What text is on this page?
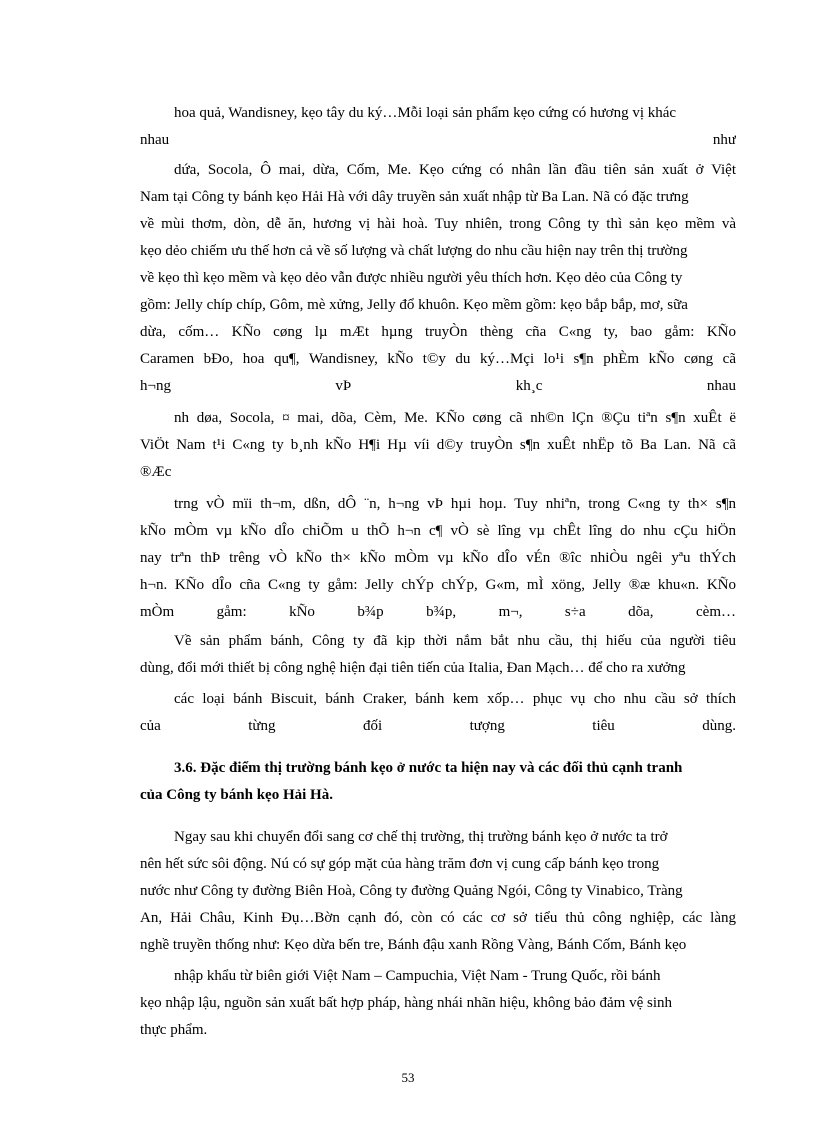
hoa quả, Wandisney, kẹo tây du ký…Mỗi loại sản phẩm kẹo cứng có hương vị khác
nhau	như
dứa, Socola, Ô mai, dừa, Cốm, Me. Kẹo cứng có nhân lần đầu tiên sản xuất ở Việt
Nam tại Công ty bánh kẹo Hải Hà với dây truyền sản xuất nhập từ Ba Lan. Nã có đặc trưng
về mùi thơm, dòn, dễ ăn, hương vị hài hoà. Tuy nhiên, trong Công ty thì sản kẹo mềm và
kẹo dẻo chiếm ưu thế hơn cả về số lượng và chất lượng do nhu cầu hiện nay trên thị trường
về kẹo thì kẹo mềm và kẹo dẻo vẫn được nhiều người yêu thích hơn. Kẹo dẻo của Công ty
gồm: Jelly chíp chíp, Gôm, mè xửng, Jelly đổ khuôn. Kẹo mềm gồm: kẹo bắp bắp, mơ, sữa
dừa, cốm… KÑo cøng lµ mÆt hµng truyÒn thèng cña C«ng ty, bao gåm: KÑo
Caramen bÐo, hoa qu¶, Wandisney, kÑo t©y du ký…Mçi lo¹i s¶n phÈm kÑo cøng cã
h¬ng vÞ kh¸c nhau
nh døa, Socola, ¤ mai, dõa, Cèm, Me. KÑo cøng cã nh©n lÇn ®Çu tiªn s¶n xuÊt ë
ViÖt Nam t¹i C«ng ty b¸nh kÑo H¶i Hµ víi d©y truyÒn s¶n xuÊt nhËp tõ Ba Lan. Nã cã
®Æc
trng vÒ mïi th¬m, dßn, dÔ ¨n, h¬ng vÞ hµi hoµ. Tuy nhiªn, trong C«ng ty th× s¶n
kÑo mÒm vµ kÑo dÎo chiÕm u thÕ h¬n c¶ vÒ sè lîng vµ chÊt lîng do nhu cÇu hiÖn
nay trªn thÞ trêng vÒ kÑo th× kÑo mÒm vµ kÑo dÎo vÉn ®îc nhiÒu ngêi yªu thÝch
h¬n. KÑo dÎo cña C«ng ty gåm: Jelly chÝp chÝp, G«m, mÌ xöng, Jelly ®æ khu«n. KÑo
mÒm gåm: kÑo b¾p b¾p, m¬, s÷a dõa, cèm…
Về sản phẩm bánh, Công ty đã kịp thời nắm bắt nhu cầu, thị hiếu của người tiêu
dùng, đổi mới thiết bị công nghệ hiện đại tiên tiến của Italia, Đan Mạch… để cho ra xưởng
các loại bánh Biscuit, bánh Craker, bánh kem xốp… phục vụ cho nhu cầu sở thích
của từng đối tượng tiêu dùng.
3.6. Đặc điểm thị trường bánh kẹo ở nước ta hiện nay và các đối thủ cạnh tranh
của Công ty bánh kẹo Hải Hà.
Ngay sau khi chuyển đổi sang cơ chế thị trường, thị trường bánh kẹo ở nước ta trở
nên hết sức sôi động. Nú có sự góp mặt của hàng trăm đơn vị cung cấp bánh kẹo trong
nước như Công ty đường Biên Hoà, Công ty đường Quảng Ngói, Công ty Vinabico, Tràng
An, Hải Châu, Kinh Đụ…Bờn cạnh đó, còn có các cơ sở tiểu thủ công nghiệp, các làng
nghề truyền thống như: Kẹo dừa bến tre, Bánh đậu xanh Rồng Vàng, Bánh Cốm, Bánh kẹo
nhập khẩu từ biên giới Việt Nam – Campuchia, Việt Nam - Trung Quốc, rồi bánh
kẹo nhập lậu, nguồn sản xuất bất hợp pháp, hàng nhái nhãn hiệu, không bảo đảm vệ sinh
thực phẩm.
53
